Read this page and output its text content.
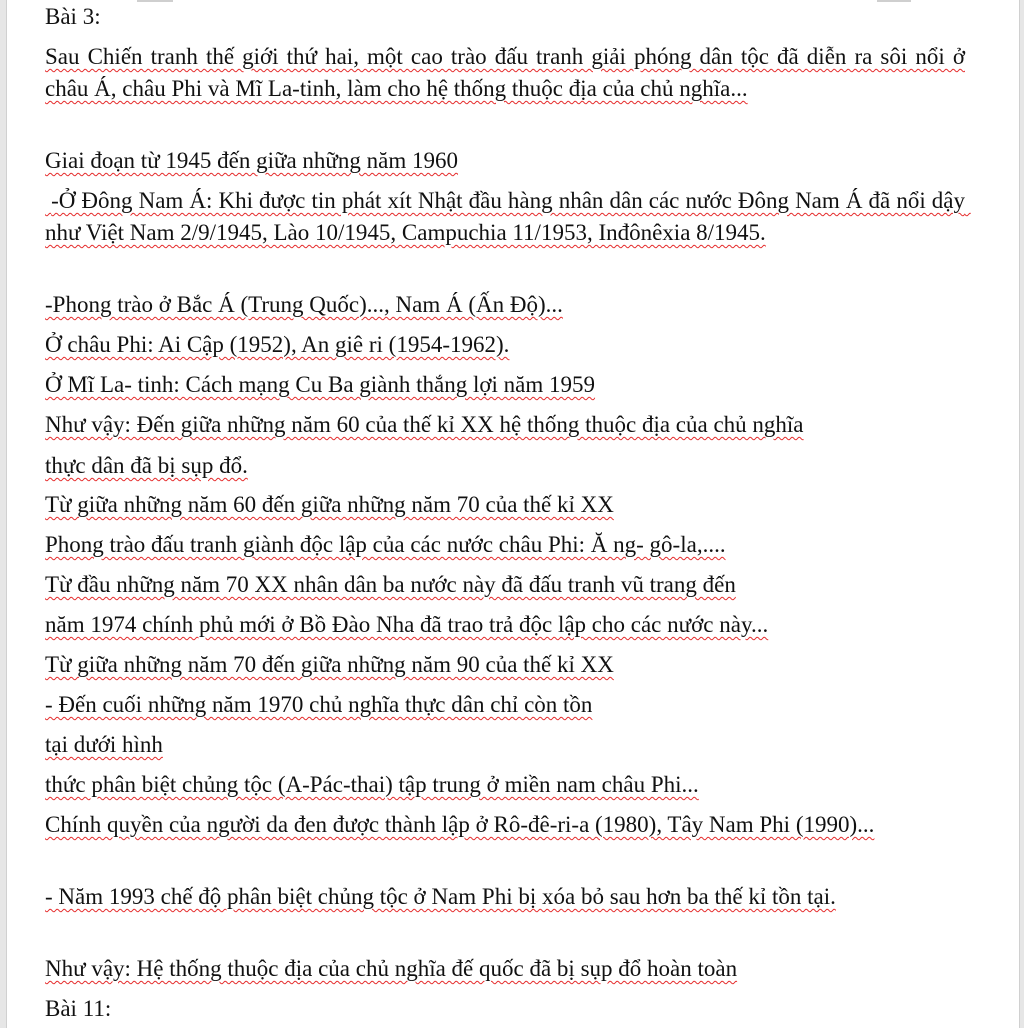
Bài 3:

Sau Chiến tranh thế giới thứ hai, một cao trào đấu tranh giải phóng dân tộc đã diễn ra sôi nổi ở châu Á, châu Phi và Mĩ La-tinh, làm cho hệ thống thuộc địa của chủ nghĩa...

Giai đoạn từ 1945 đến giữa những năm 1960

-Ở Đông Nam Á: Khi được tin phát xít Nhật đầu hàng nhân dân các nước Đông Nam Á đã nổi dậy như Việt Nam 2/9/1945, Lào 10/1945, Campuchia 11/1953, Inđônêxia 8/1945.

-Phong trào ở Bắc Á (Trung Quốc)..., Nam Á (Ấn Độ)...

Ở châu Phi: Ai Cập (1952), An giê ri (1954-1962).

Ở Mĩ La- tinh: Cách mạng Cu Ba giành thắng lợi năm 1959

Như vậy: Đến giữa những năm 60 của thế kỉ XX hệ thống thuộc địa của chủ nghĩa

thực dân đã bị sụp đổ.

Từ giữa những năm 60 đến giữa những năm 70 của thế kỉ XX

Phong trào đấu tranh giành độc lập của các nước châu Phi: Ă ng- gô-la,....

Từ đầu những năm 70 XX nhân dân ba nước này đã đấu tranh vũ trang đến

năm 1974 chính phủ mới ở Bồ Đào Nha đã trao trả độc lập cho các nước này...

Từ giữa những năm 70 đến giữa những năm 90 của thế kỉ XX

- Đến cuối những năm 1970 chủ nghĩa thực dân chỉ còn tồn

tại dưới hình

thức phân biệt chủng tộc (A-Pác-thai) tập trung ở miền nam châu Phi...

Chính quyền của người da đen được thành lập ở Rô-đê-ri-a (1980), Tây Nam Phi (1990)...

- Năm 1993 chế độ phân biệt chủng tộc ở Nam Phi bị xóa bỏ sau hơn ba thế kỉ tồn tại.

Như vậy: Hệ thống thuộc địa của chủ nghĩa đế quốc đã bị sụp đổ hoàn toàn

Bài 11:
